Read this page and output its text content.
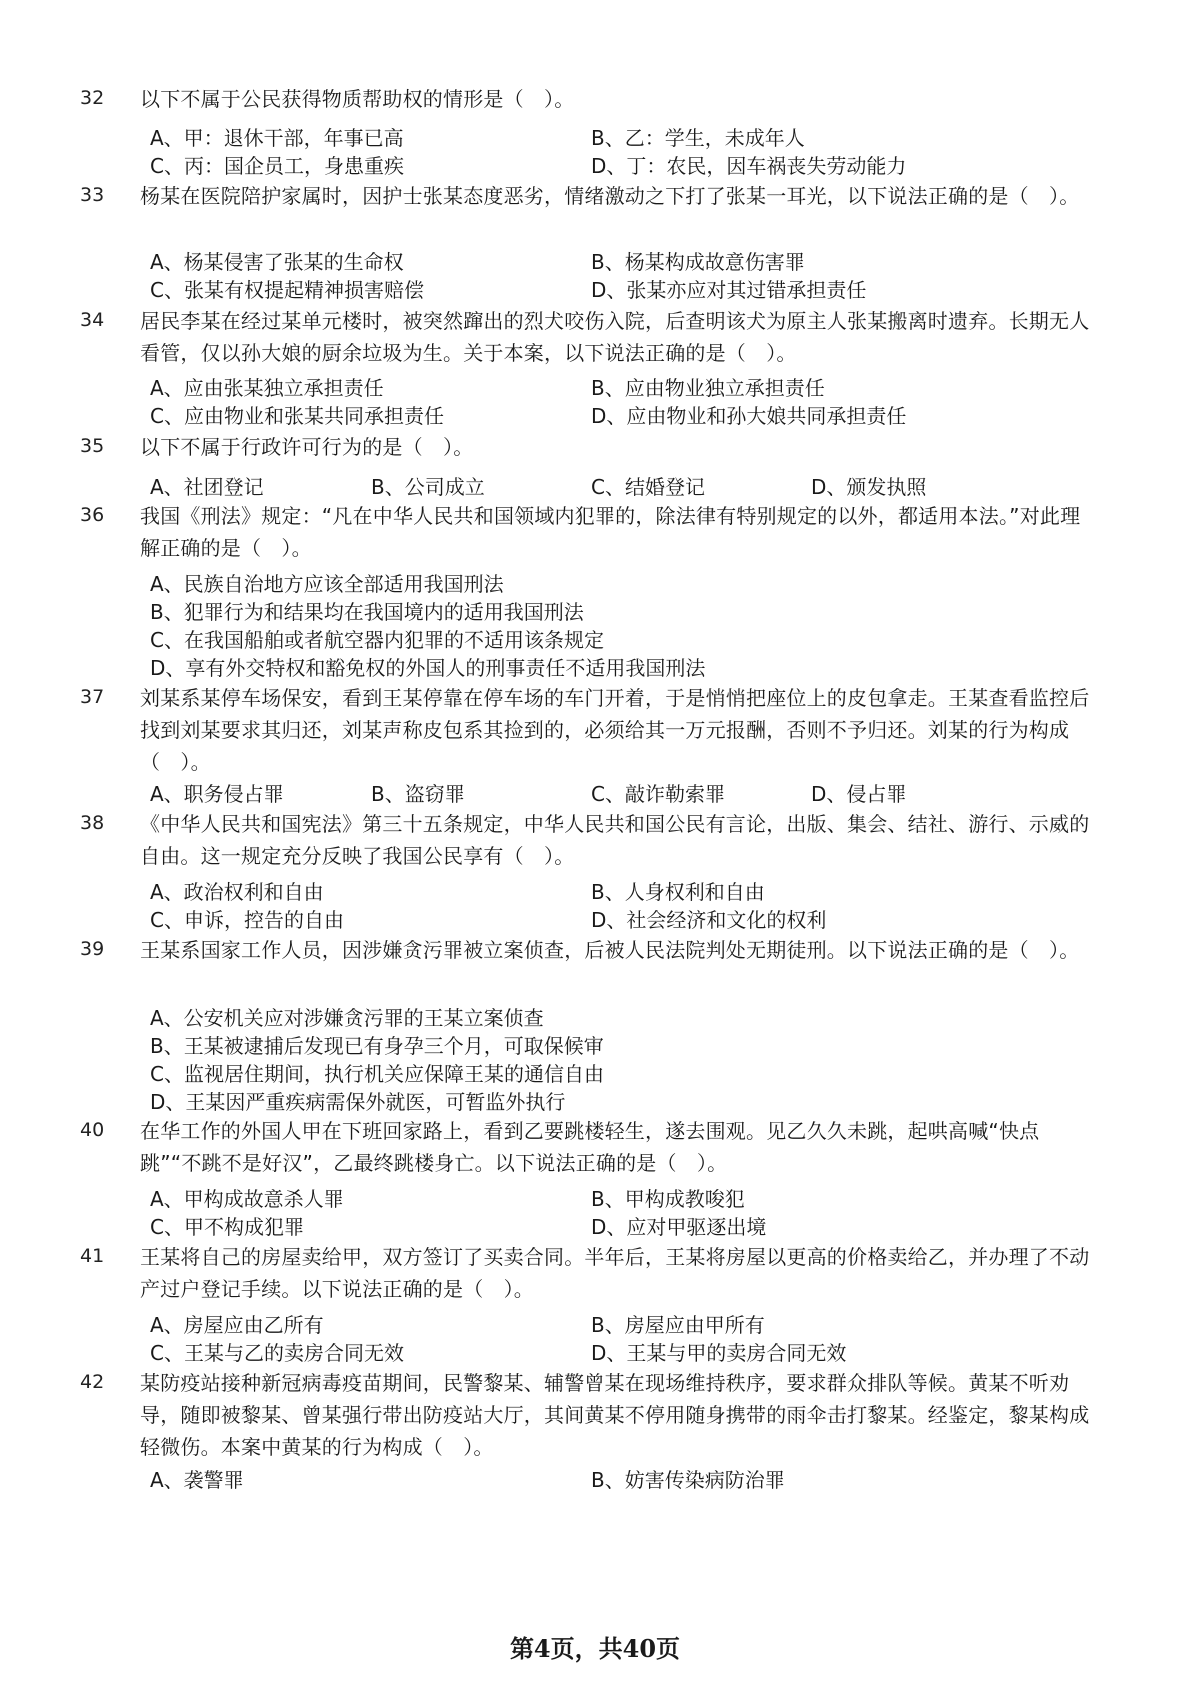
32 以下不属于公民获得物质帮助权的情形是（　）。
A、甲：退休干部，年事已高	B、乙：学生，未成年人
C、丙：国企员工，身患重疾	D、丁：农民，因车祸丧失劳动能力
33 杨某在医院陪护家属时，因护士张某态度恶劣，情绪激动之下打了张某一耳光，以下说法正确的是（　）。
A、杨某侵害了张某的生命权	B、杨某构成故意伤害罪
C、张某有权提起精神损害赔偿	D、张某亦应对其过错承担责任
34 居民李某在经过某单元楼时，被突然蹿出的烈犬咬伤入院，后查明该犬为原主人张某搬离时遗弃。长期无人看管，仅以孙大娘的厨余垃圾为生。关于本案，以下说法正确的是（　）。
A、应由张某独立承担责任	B、应由物业独立承担责任
C、应由物业和张某共同承担责任	D、应由物业和孙大娘共同承担责任
35 以下不属于行政许可行为的是（　）。
A、社团登记	B、公司成立	C、结婚登记	D、颁发执照
36 我国《刑法》规定：“凡在中华人民共和国领域内犯罪的，除法律有特别规定的以外，都适用本法。”对此理解正确的是（　）。
A、民族自治地方应该全部适用我国刑法
B、犯罪行为和结果均在我国境内的适用我国刑法
C、在我国船舶或者航空器内犯罪的不适用该条规定
D、享有外交特权和豁免权的外国人的刑事责任不适用我国刑法
37 刘某系某停车场保安，看到王某停靠在停车场的车门开着，于是悄悄把座位上的皮包拿走。王某查看监控后找到刘某要求其归还，刘某声称皮包系其捡到的，必须给其一万元报酬，否则不予归还。刘某的行为构成（　）。
A、职务侵占罪	B、盗窃罪	C、敲诈勒索罪	D、侵占罪
38 《中华人民共和国宪法》第三十五条规定，中华人民共和国公民有言论，出版、集会、结社、游行、示威的自由。这一规定充分反映了我国公民享有（　）。
A、政治权利和自由	B、人身权利和自由
C、申诉，控告的自由	D、社会经济和文化的权利
39 王某系国家工作人员，因涉嫌贪污罪被立案侦查，后被人民法院判处无期徒刑。以下说法正确的是（　）。
A、公安机关应对涉嫌贪污罪的王某立案侦查
B、王某被逮捕后发现已有身孕三个月，可取保候审
C、监视居住期间，执行机关应保障王某的通信自由
D、王某因严重疾病需保外就医，可暂监外执行
40 在华工作的外国人甲在下班回家路上，看到乙要跳楼轻生，遂去围观。见乙久久未跳，起哄高喊“快点跳”“不跳不是好汉”，乙最终跳楼身亡。以下说法正确的是（　）。
A、甲构成故意杀人罪	B、甲构成教唆犯
C、甲不构成犯罪	D、应对甲驱逐出境
41 王某将自己的房屋卖给甲，双方签订了买卖合同。半年后，王某将房屋以更高的价格卖给乙，并办理了不动产过户登记手续。以下说法正确的是（　）。
A、房屋应由乙所有	B、房屋应由甲所有
C、王某与乙的卖房合同无效	D、王某与甲的卖房合同无效
42 某防疫站接种新冠病毒疫苗期间，民警黎某、辅警曾某在现场维持秩序，要求群众排队等候。黄某不听劝导，随即被黎某、曾某强行带出防疫站大厅，其间黄某不停用随身携带的雨伞击打黎某。经鉴定，黎某构成轻微伤。本案中黄某的行为构成（　）。
A、袭警罪	B、妨害传染病防治罪
第4页，共40页
